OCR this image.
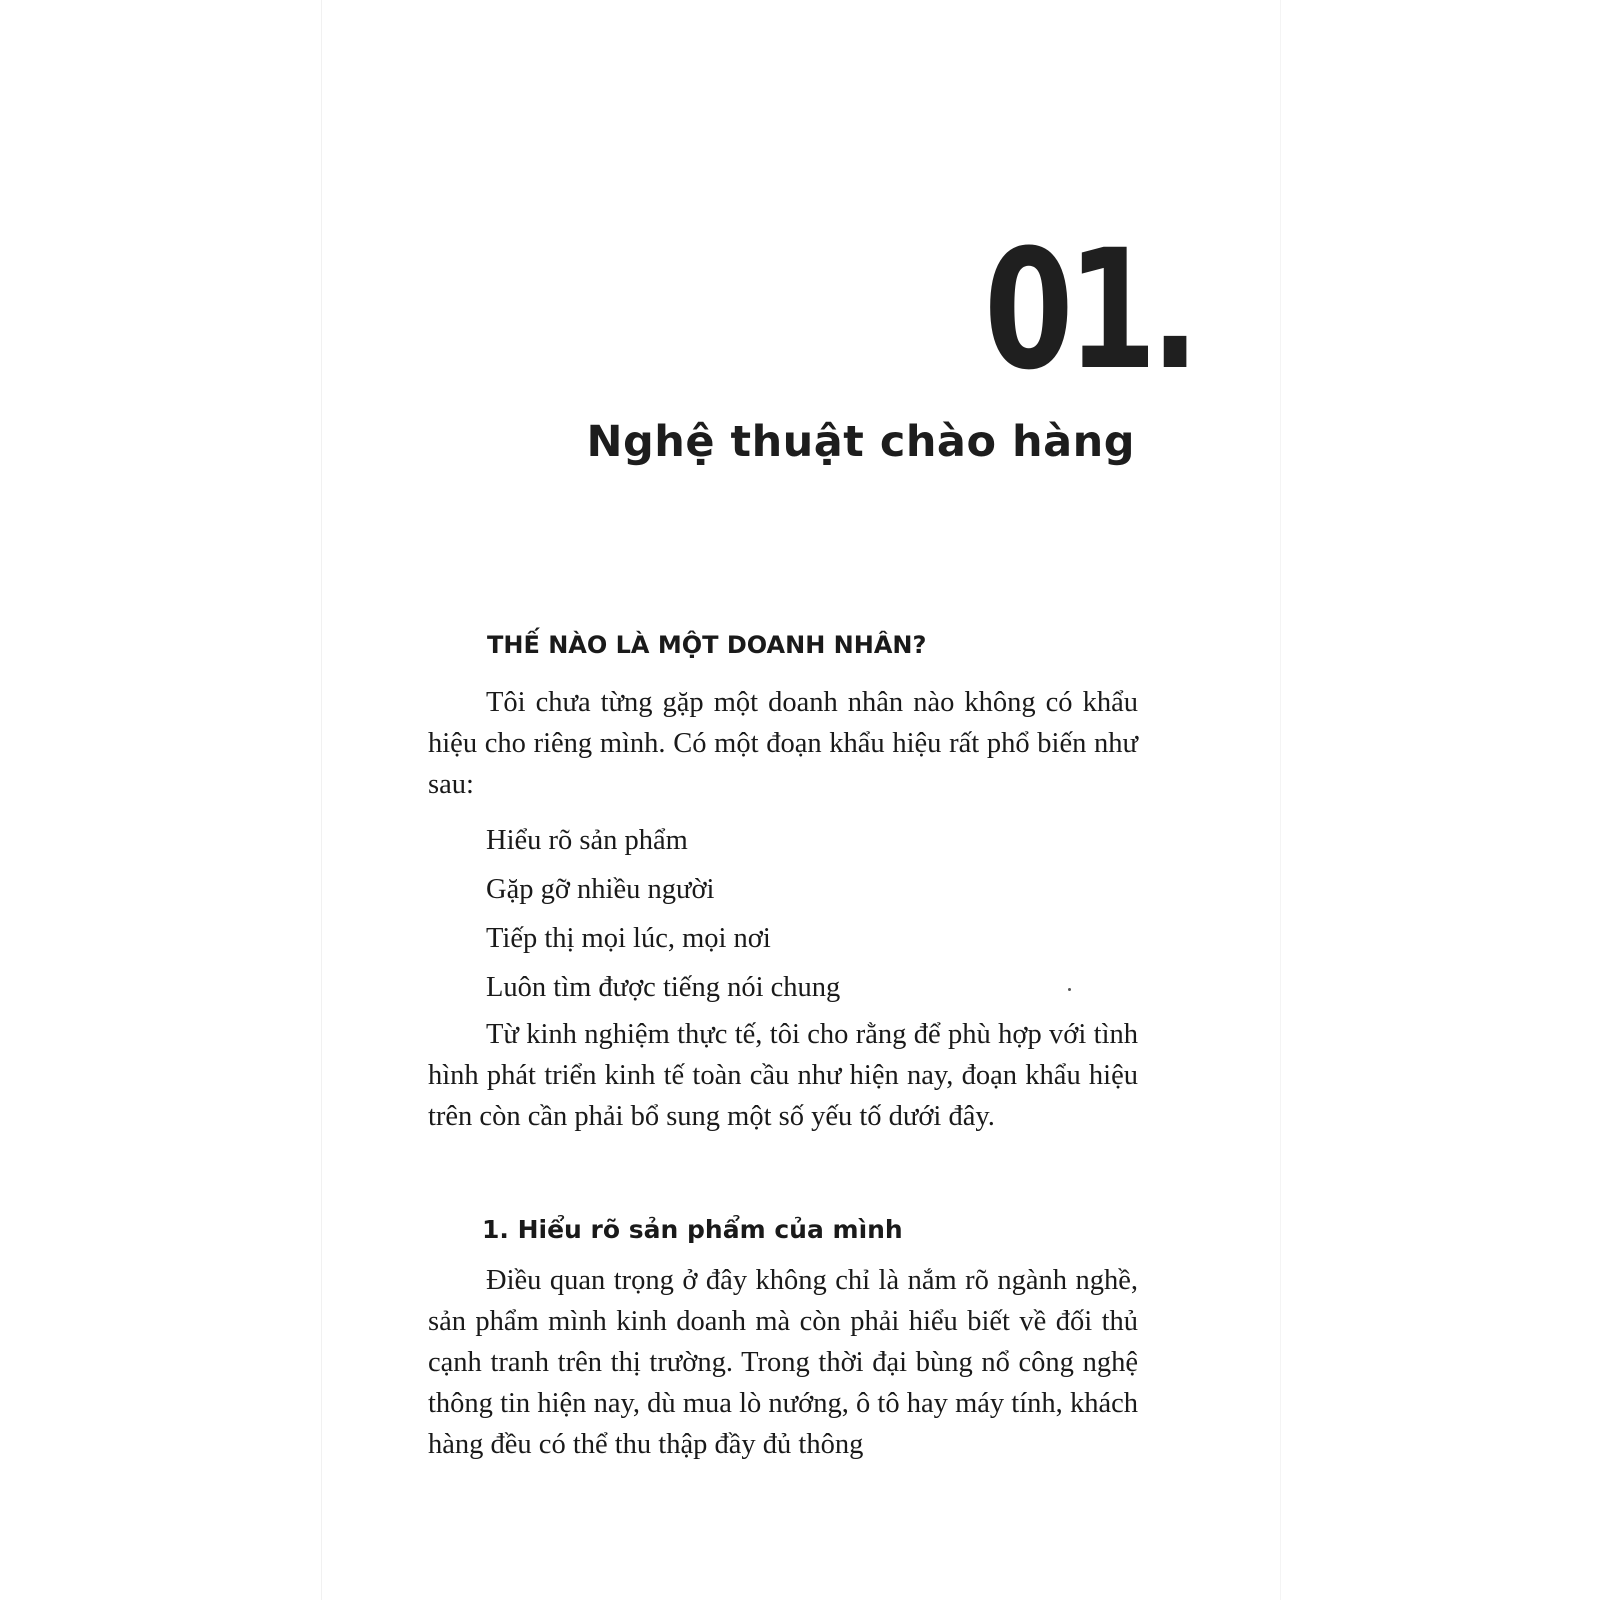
01.
Nghệ thuật chào hàng
THẾ NÀO LÀ MỘT DOANH NHÂN?

Tôi chưa từng gặp một doanh nhân nào không có khẩu hiệu cho riêng mình. Có một đoạn khẩu hiệu rất phổ biến như sau:

Hiểu rõ sản phẩm
Gặp gỡ nhiều người
Tiếp thị mọi lúc, mọi nơi
Luôn tìm được tiếng nói chung

Từ kinh nghiệm thực tế, tôi cho rằng để phù hợp với tình hình phát triển kinh tế toàn cầu như hiện nay, đoạn khẩu hiệu trên còn cần phải bổ sung một số yếu tố dưới đây.

1. Hiểu rõ sản phẩm của mình

Điều quan trọng ở đây không chỉ là nắm rõ ngành nghề, sản phẩm mình kinh doanh mà còn phải hiểu biết về đối thủ cạnh tranh trên thị trường. Trong thời đại bùng nổ công nghệ thông tin hiện nay, dù mua lò nướng, ô tô hay máy tính, khách hàng đều có thể thu thập đầy đủ thông
